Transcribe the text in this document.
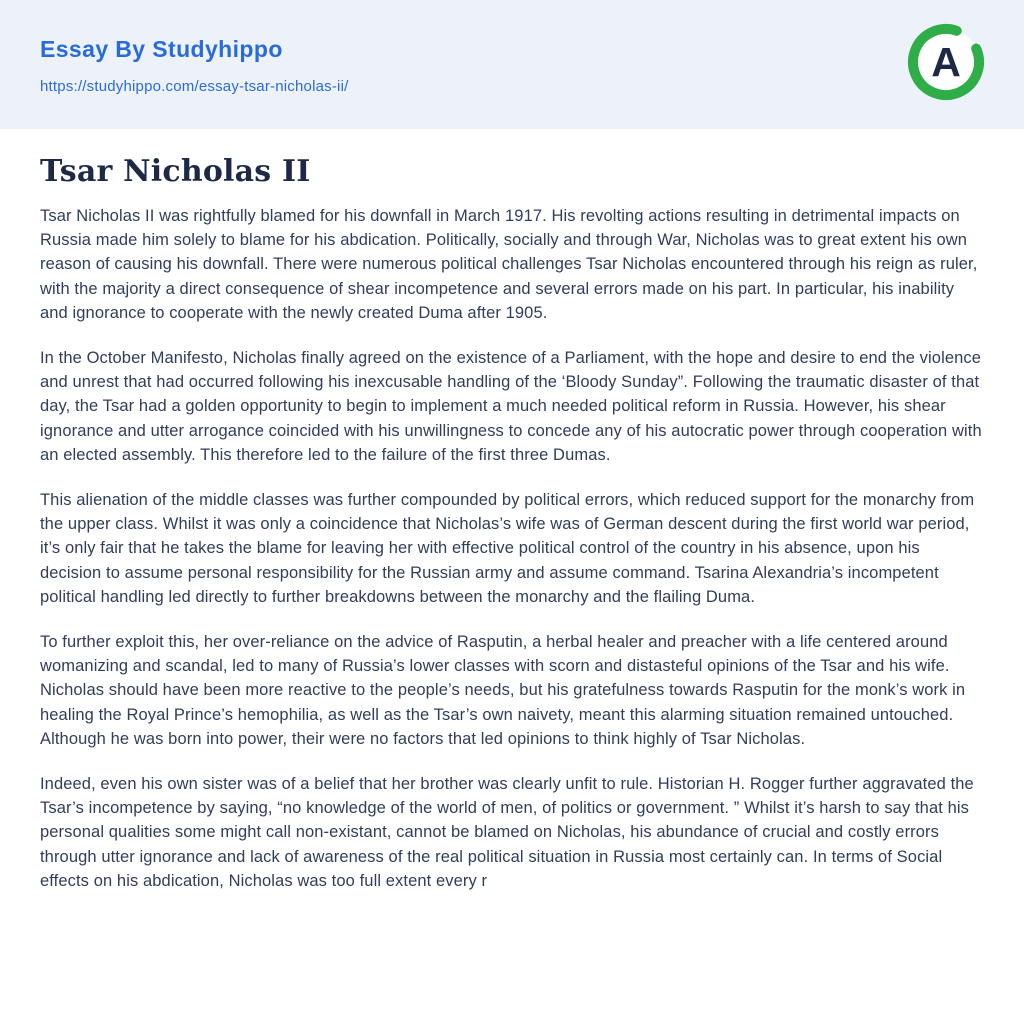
Essay By Studyhippo
https://studyhippo.com/essay-tsar-nicholas-ii/
A
Tsar Nicholas II

Tsar Nicholas II was rightfully blamed for his downfall in March 1917. His revolting actions resulting in detrimental impacts on Russia made him solely to blame for his abdication. Politically, socially and through War, Nicholas was to great extent his own reason of causing his downfall. There were numerous political challenges Tsar Nicholas encountered through his reign as ruler, with the majority a direct consequence of shear incompetence and several errors made on his part. In particular, his inability and ignorance to cooperate with the newly created Duma after 1905.

In the October Manifesto, Nicholas finally agreed on the existence of a Parliament, with the hope and desire to end the violence and unrest that had occurred following his inexcusable handling of the ‘Bloody Sunday”. Following the traumatic disaster of that day, the Tsar had a golden opportunity to begin to implement a much needed political reform in Russia. However, his shear ignorance and utter arrogance coincided with his unwillingness to concede any of his autocratic power through cooperation with an elected assembly. This therefore led to the failure of the first three Dumas.

This alienation of the middle classes was further compounded by political errors, which reduced support for the monarchy from the upper class. Whilst it was only a coincidence that Nicholas’s wife was of German descent during the first world war period, it’s only fair that he takes the blame for leaving her with effective political control of the country in his absence, upon his decision to assume personal responsibility for the Russian army and assume command. Tsarina Alexandria’s incompetent political handling led directly to further breakdowns between the monarchy and the flailing Duma.

To further exploit this, her over-reliance on the advice of Rasputin, a herbal healer and preacher with a life centered around womanizing and scandal, led to many of Russia’s lower classes with scorn and distasteful opinions of the Tsar and his wife. Nicholas should have been more reactive to the people’s needs, but his gratefulness towards Rasputin for the monk’s work in healing the Royal Prince’s hemophilia, as well as the Tsar’s own naivety, meant this alarming situation remained untouched. Although he was born into power, their were no factors that led opinions to think highly of Tsar Nicholas.

Indeed, even his own sister was of a belief that her brother was clearly unfit to rule. Historian H. Rogger further aggravated the Tsar’s incompetence by saying, “no knowledge of the world of men, of politics or government. ” Whilst it’s harsh to say that his personal qualities some might call non-existant, cannot be blamed on Nicholas, his abundance of crucial and costly errors through utter ignorance and lack of awareness of the real political situation in Russia most certainly can. In terms of Social effects on his abdication, Nicholas was too full extent every r
